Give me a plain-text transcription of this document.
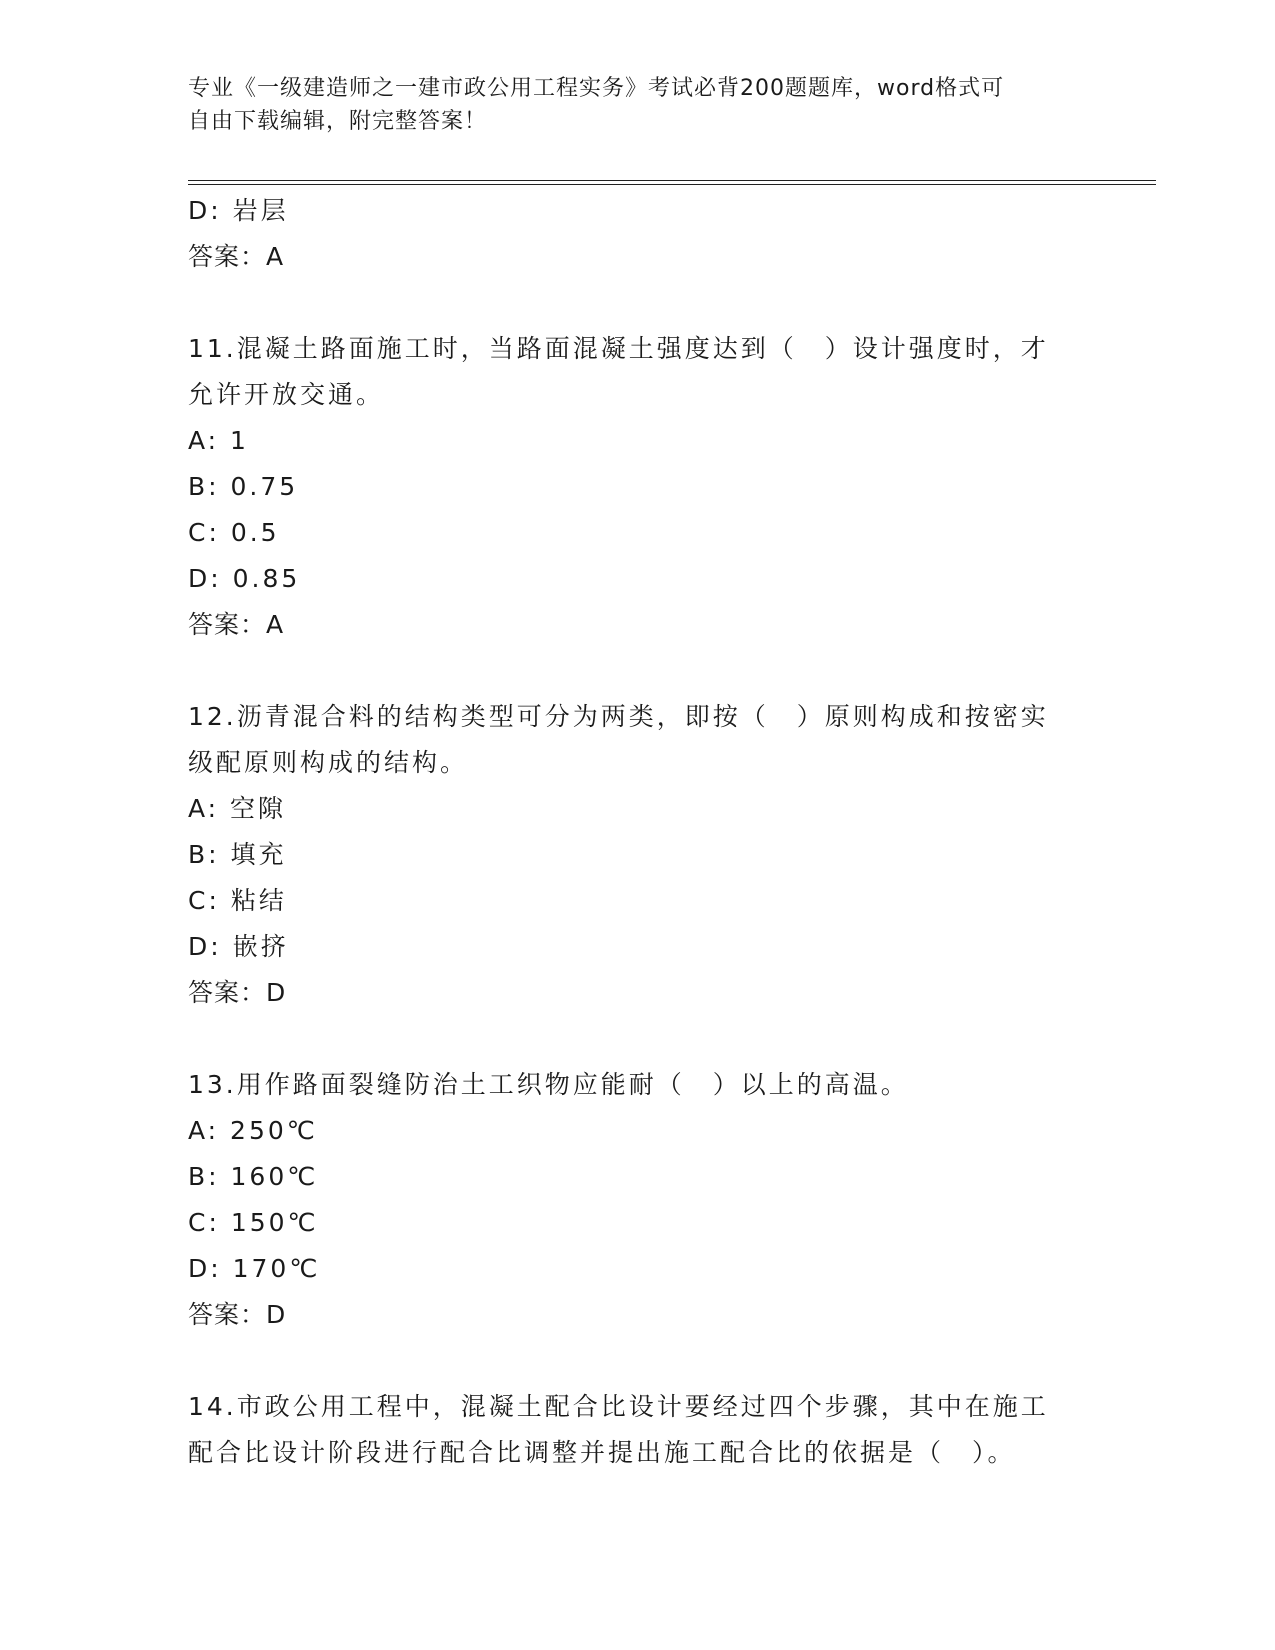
专业《一级建造师之一建市政公用工程实务》考试必背200题题库，word格式可
自由下载编辑，附完整答案！
D: 岩层
答案：A
11.混凝土路面施工时，当路面混凝土强度达到（　）设计强度时，才
允许开放交通。
A: 1
B: 0.75
C: 0.5
D: 0.85
答案：A
12.沥青混合料的结构类型可分为两类，即按（　）原则构成和按密实
级配原则构成的结构。
A: 空隙
B: 填充
C: 粘结
D: 嵌挤
答案：D
13.用作路面裂缝防治土工织物应能耐（　）以上的高温。
A: 250℃
B: 160℃
C: 150℃
D: 170℃
答案：D
14.市政公用工程中，混凝土配合比设计要经过四个步骤，其中在施工
配合比设计阶段进行配合比调整并提出施工配合比的依据是（　）。
